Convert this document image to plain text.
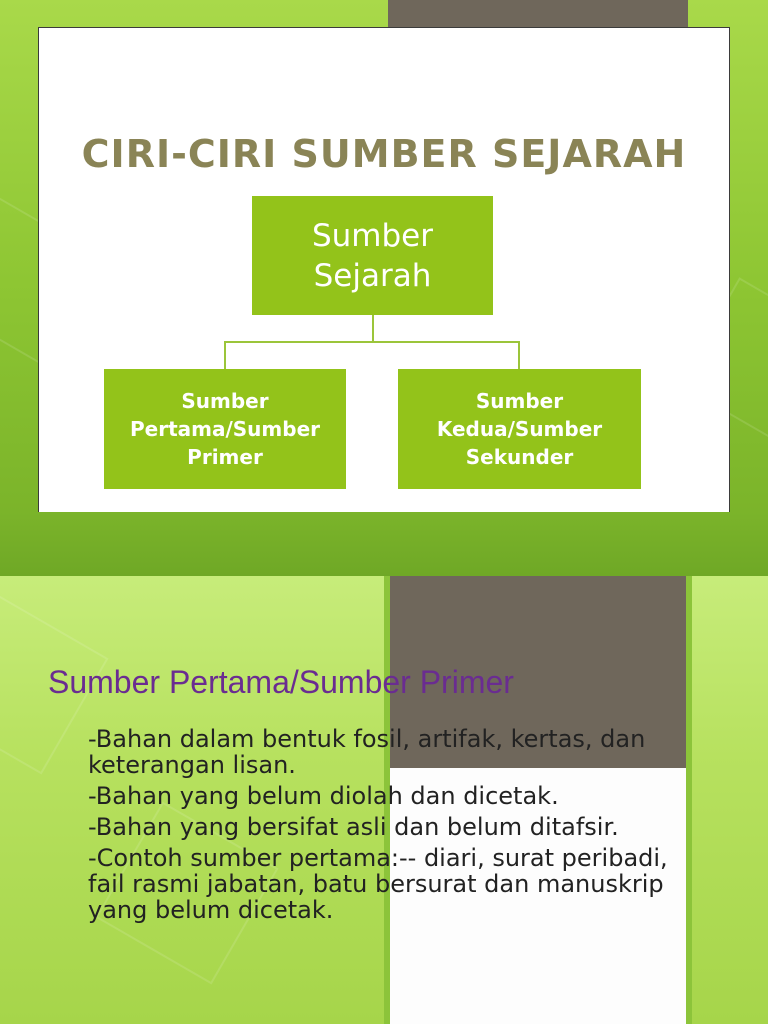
CIRI-CIRI SUMBER SEJARAH
Sumber Sejarah
Sumber Pertama/Sumber Primer
Sumber Kedua/Sumber Sekunder
Sumber Pertama/Sumber Primer
-Bahan dalam bentuk fosil, artifak, kertas, dan keterangan lisan.
-Bahan yang belum diolah dan dicetak.
-Bahan yang bersifat asli dan belum ditafsir.
-Contoh sumber pertama:-- diari, surat peribadi, fail rasmi jabatan, batu bersurat dan manuskrip yang belum dicetak.
